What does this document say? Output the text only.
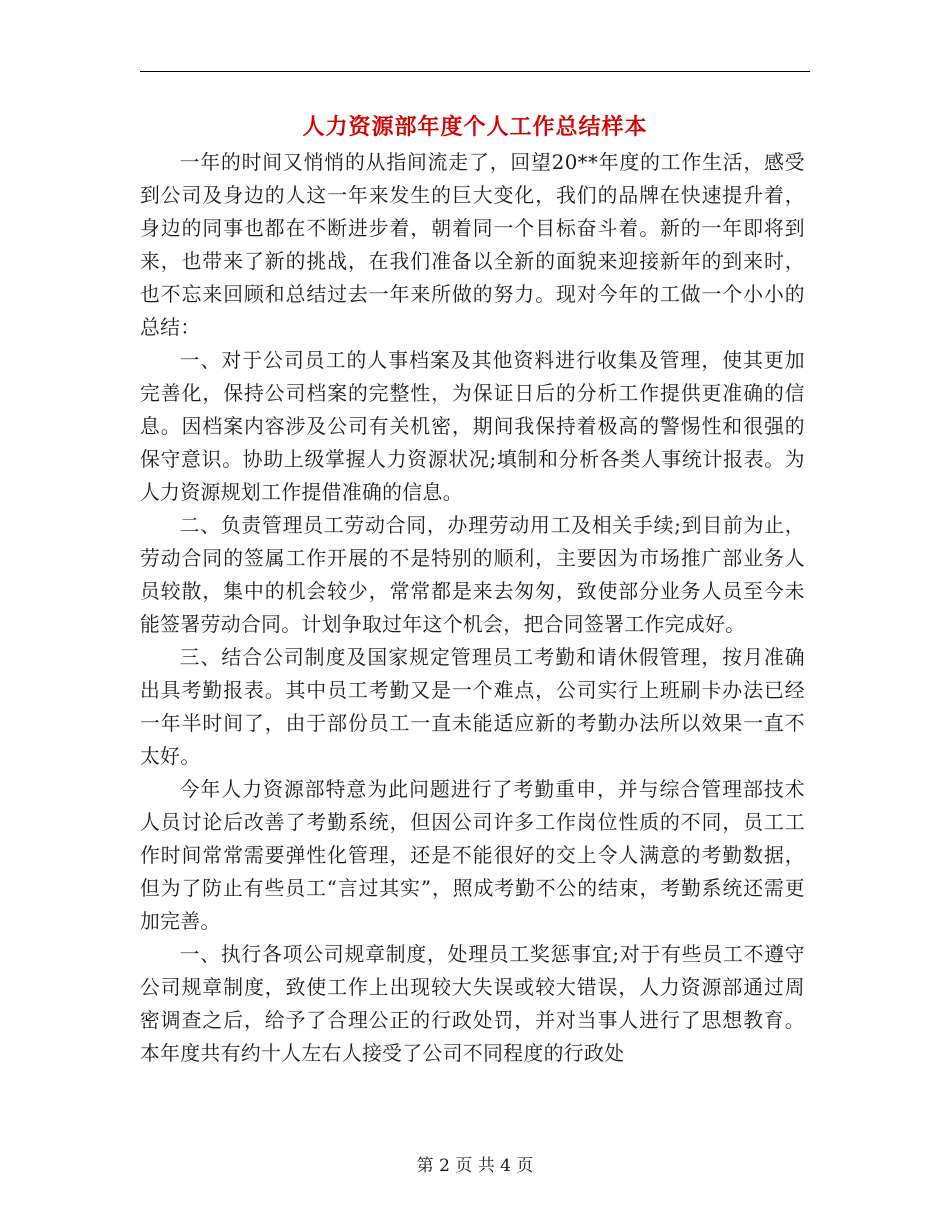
人力资源部年度个人工作总结样本

一年的时间又悄悄的从指间流走了，回望20**年度的工作生活，感受到公司及身边的人这一年来发生的巨大变化，我们的品牌在快速提升着，身边的同事也都在不断进步着，朝着同一个目标奋斗着。新的一年即将到来，也带来了新的挑战，在我们准备以全新的面貌来迎接新年的到来时，也不忘来回顾和总结过去一年来所做的努力。现对今年的工做一个小小的总结：

一、对于公司员工的人事档案及其他资料进行收集及管理，使其更加完善化，保持公司档案的完整性，为保证日后的分析工作提供更准确的信息。因档案内容涉及公司有关机密，期间我保持着极高的警惕性和很强的保守意识。协助上级掌握人力资源状况;填制和分析各类人事统计报表。为人力资源规划工作提借准确的信息。

二、负责管理员工劳动合同，办理劳动用工及相关手续;到目前为止，劳动合同的签属工作开展的不是特别的顺利，主要因为市场推广部业务人员较散，集中的机会较少，常常都是来去匆匆，致使部分业务人员至今未能签署劳动合同。计划争取过年这个机会，把合同签署工作完成好。

三、结合公司制度及国家规定管理员工考勤和请休假管理，按月准确出具考勤报表。其中员工考勤又是一个难点，公司实行上班刷卡办法已经一年半时间了，由于部份员工一直未能适应新的考勤办法所以效果一直不太好。

今年人力资源部特意为此问题进行了考勤重申，并与综合管理部技术人员讨论后改善了考勤系统，但因公司许多工作岗位性质的不同，员工工作时间常常需要弹性化管理，还是不能很好的交上令人满意的考勤数据，但为了防止有些员工“言过其实”，照成考勤不公的结束，考勤系统还需更加完善。

一、执行各项公司规章制度，处理员工奖惩事宜;对于有些员工不遵守公司规章制度，致使工作上出现较大失误或较大错误，人力资源部通过周密调查之后，给予了合理公正的行政处罚，并对当事人进行了思想教育。本年度共有约十人左右人接受了公司不同程度的行政处

第 2 页 共 4 页
